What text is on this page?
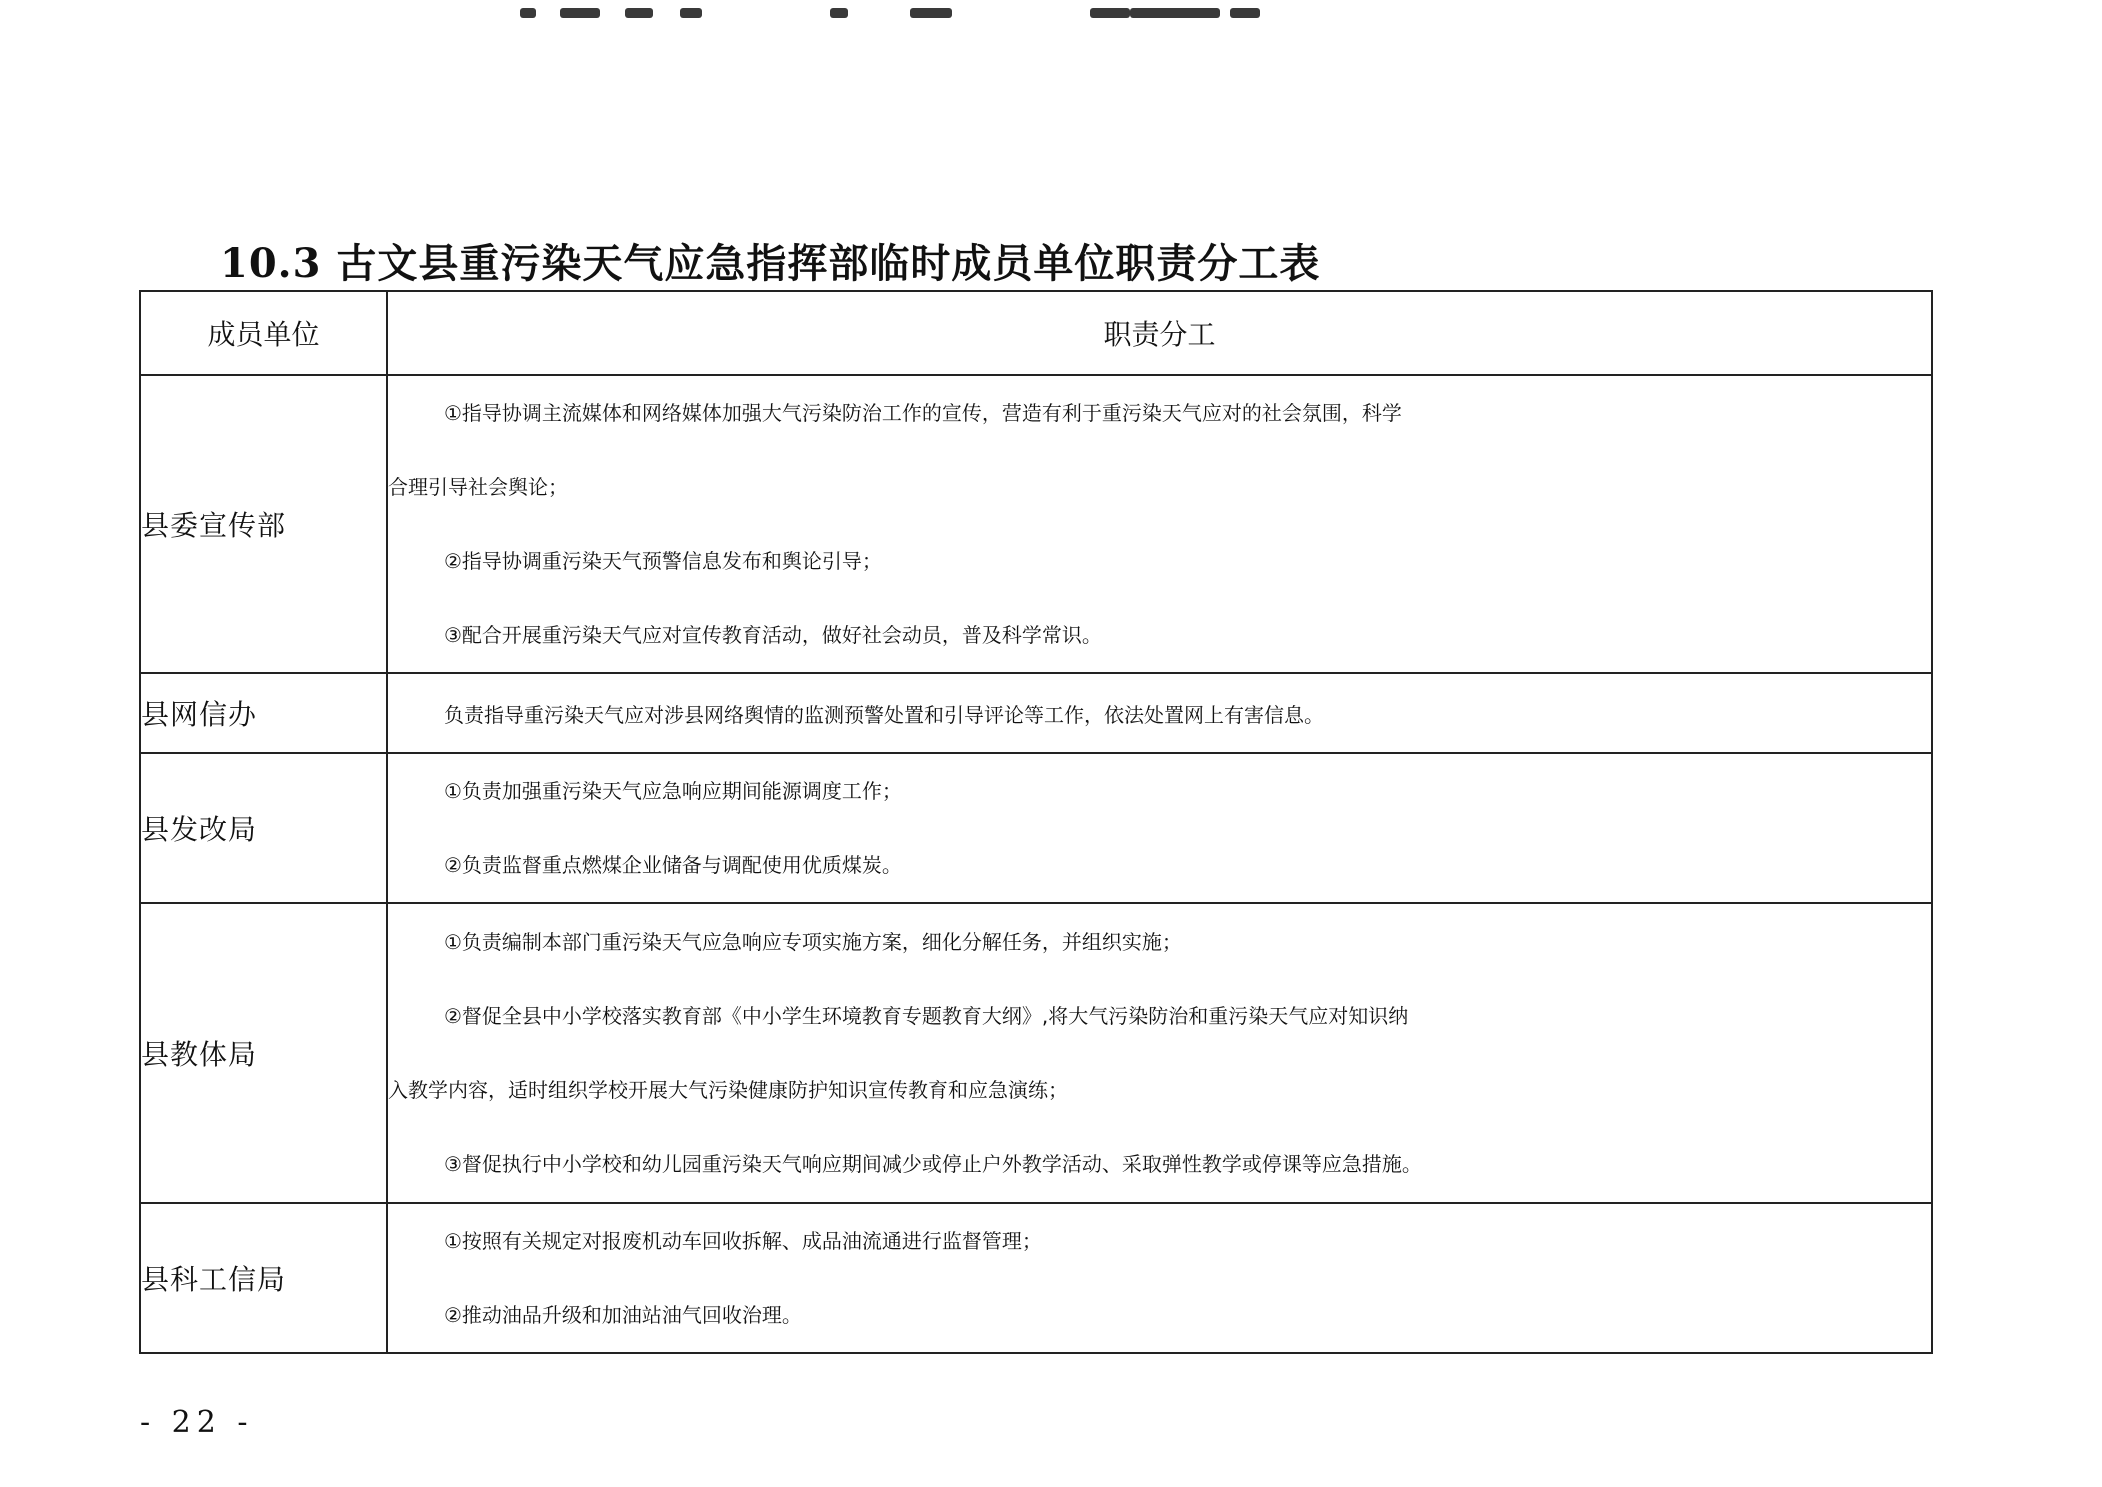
10.3 古文县重污染天气应急指挥部临时成员单位职责分工表
成员单位	职责分工
县委宣传部	①指导协调主流媒体和网络媒体加强大气污染防治工作的宣传，营造有利于重污染天气应对的社会氛围，科学
合理引导社会舆论；
②指导协调重污染天气预警信息发布和舆论引导；
③配合开展重污染天气应对宣传教育活动，做好社会动员，普及科学常识。

县网信办	负责指导重污染天气应对涉县网络舆情的监测预警处置和引导评论等工作，依法处置网上有害信息。

县发改局	①负责加强重污染天气应急响应期间能源调度工作；
②负责监督重点燃煤企业储备与调配使用优质煤炭。

县教体局	①负责编制本部门重污染天气应急响应专项实施方案，细化分解任务，并组织实施；
②督促全县中小学校落实教育部《中小学生环境教育专题教育大纲》,将大气污染防治和重污染天气应对知识纳
入教学内容，适时组织学校开展大气污染健康防护知识宣传教育和应急演练；
③督促执行中小学校和幼儿园重污染天气响应期间减少或停止户外教学活动、采取弹性教学或停课等应急措施。

县科工信局	①按照有关规定对报废机动车回收拆解、成品油流通进行监督管理；
②推动油品升级和加油站油气回收治理。
- 22 -
